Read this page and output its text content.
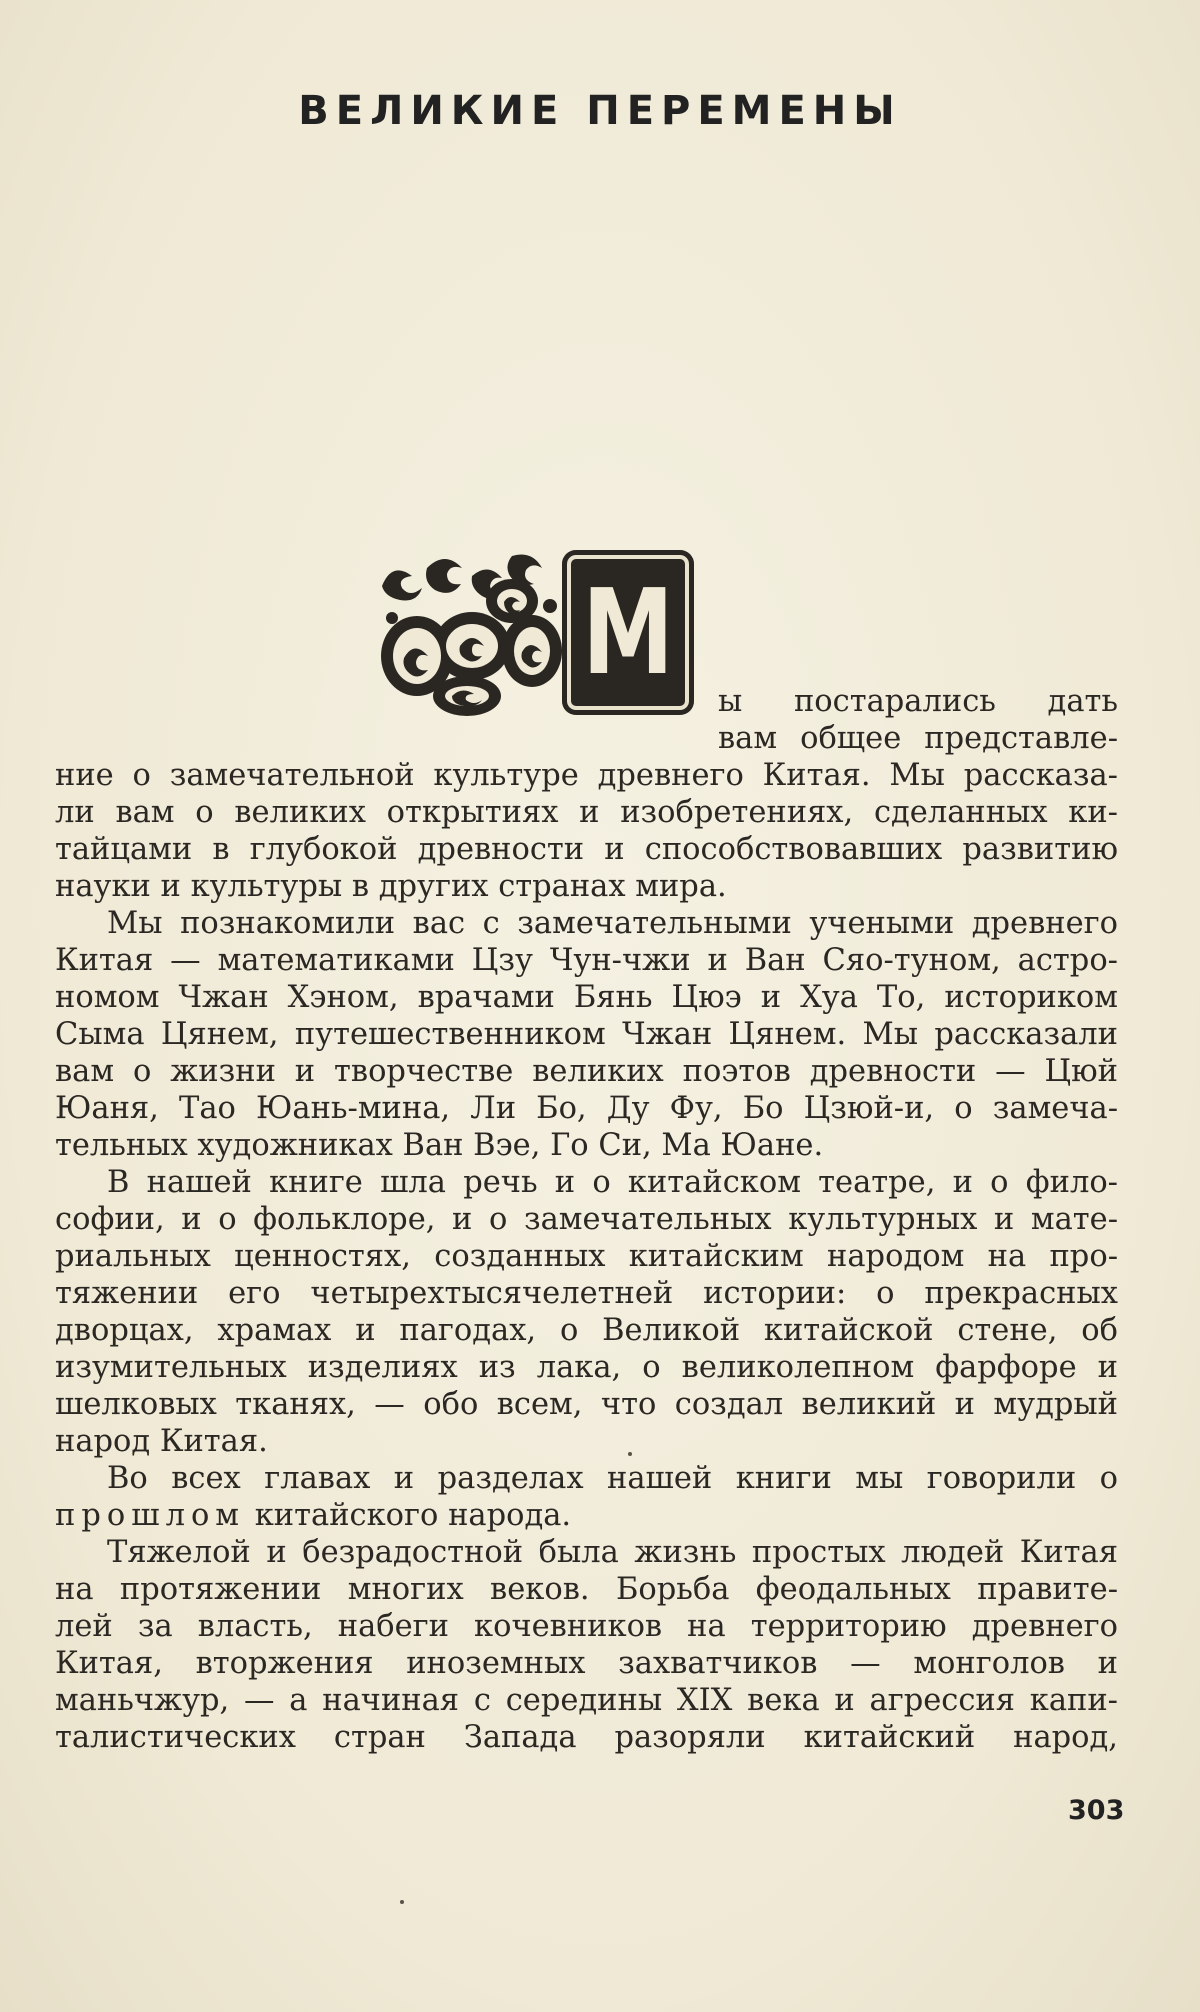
ВЕЛИКИЕ ПЕРЕМЕНЫ
М
ы постарались дать
вам общее представле-
ние о замечательной культуре древнего Китая. Мы рассказа-
ли вам о великих открытиях и изобретениях, сделанных ки-
тайцами в глубокой древности и способствовавших развитию
науки и культуры в других странах мира.
Мы познакомили вас с замечательными учеными древнего
Китая — математиками Цзу Чун-чжи и Ван Сяо-туном, астро-
номом Чжан Хэном, врачами Бянь Цюэ и Хуа То, историком
Сыма Цянем, путешественником Чжан Цянем. Мы рассказали
вам о жизни и творчестве великих поэтов древности — Цюй
Юаня, Тао Юань-мина, Ли Бо, Ду Фу, Бо Цзюй-и, о замеча-
тельных художниках Ван Вэе, Го Си, Ма Юане.
В нашей книге шла речь и о китайском театре, и о фило-
софии, и о фольклоре, и о замечательных культурных и мате-
риальных ценностях, созданных китайским народом на про-
тяжении его четырехтысячелетней истории: о прекрасных
дворцах, храмах и пагодах, о Великой китайской стене, об
изумительных изделиях из лака, о великолепном фарфоре и
шелковых тканях, — обо всем, что создал великий и мудрый
народ Китая.
Во всех главах и разделах нашей книги мы говорили о
прошлом китайского народа.
Тяжелой и безрадостной была жизнь простых людей Китая
на протяжении многих веков. Борьба феодальных правите-
лей за власть, набеги кочевников на территорию древнего
Китая, вторжения иноземных захватчиков — монголов и
маньчжур, — а начиная с середины XIX века и агрессия капи-
талистических стран Запада разоряли китайский народ,
303
